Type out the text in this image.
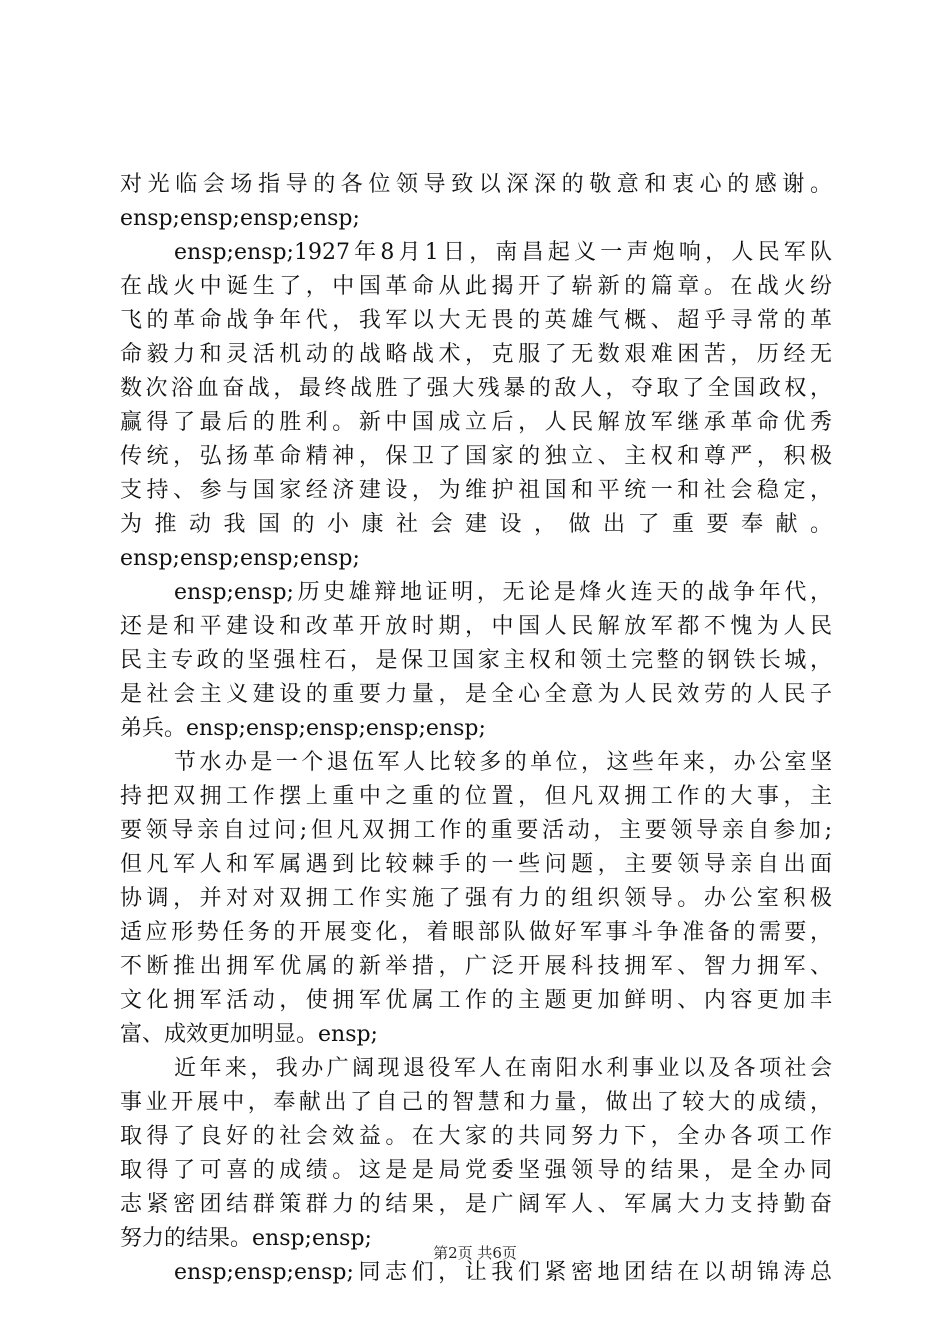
对光临会场指导的各位领导致以深深的敬意和衷心的感谢。
ensp;ensp;ensp;ensp;
ensp;ensp;1927年8月1日，南昌起义一声炮响，人民军队
在战火中诞生了，中国革命从此揭开了崭新的篇章。在战火纷
飞的革命战争年代，我军以大无畏的英雄气概、超乎寻常的革
命毅力和灵活机动的战略战术，克服了无数艰难困苦，历经无
数次浴血奋战，最终战胜了强大残暴的敌人，夺取了全国政权，
赢得了最后的胜利。新中国成立后，人民解放军继承革命优秀
传统，弘扬革命精神，保卫了国家的独立、主权和尊严，积极
支持、参与国家经济建设，为维护祖国和平统一和社会稳定，
为推动我国的小康社会建设，做出了重要奉献。
ensp;ensp;ensp;ensp;
ensp;ensp;历史雄辩地证明，无论是烽火连天的战争年代，
还是和平建设和改革开放时期，中国人民解放军都不愧为人民
民主专政的坚强柱石，是保卫国家主权和领土完整的钢铁长城，
是社会主义建设的重要力量，是全心全意为人民效劳的人民子
弟兵。ensp;ensp;ensp;ensp;ensp;
节水办是一个退伍军人比较多的单位，这些年来，办公室坚
持把双拥工作摆上重中之重的位置，但凡双拥工作的大事，主
要领导亲自过问;但凡双拥工作的重要活动，主要领导亲自参加;
但凡军人和军属遇到比较棘手的一些问题，主要领导亲自出面
协调，并对对双拥工作实施了强有力的组织领导。办公室积极
适应形势任务的开展变化，着眼部队做好军事斗争准备的需要，
不断推出拥军优属的新举措，广泛开展科技拥军、智力拥军、
文化拥军活动，使拥军优属工作的主题更加鲜明、内容更加丰
富、成效更加明显。ensp;
近年来，我办广阔现退役军人在南阳水利事业以及各项社会
事业开展中，奉献出了自己的智慧和力量，做出了较大的成绩，
取得了良好的社会效益。在大家的共同努力下，全办各项工作
取得了可喜的成绩。这是是局党委坚强领导的结果，是全办同
志紧密团结群策群力的结果，是广阔军人、军属大力支持勤奋
努力的结果。ensp;ensp;
ensp;ensp;ensp;同志们，让我们紧密地团结在以胡锦涛总
第2页 共6页
